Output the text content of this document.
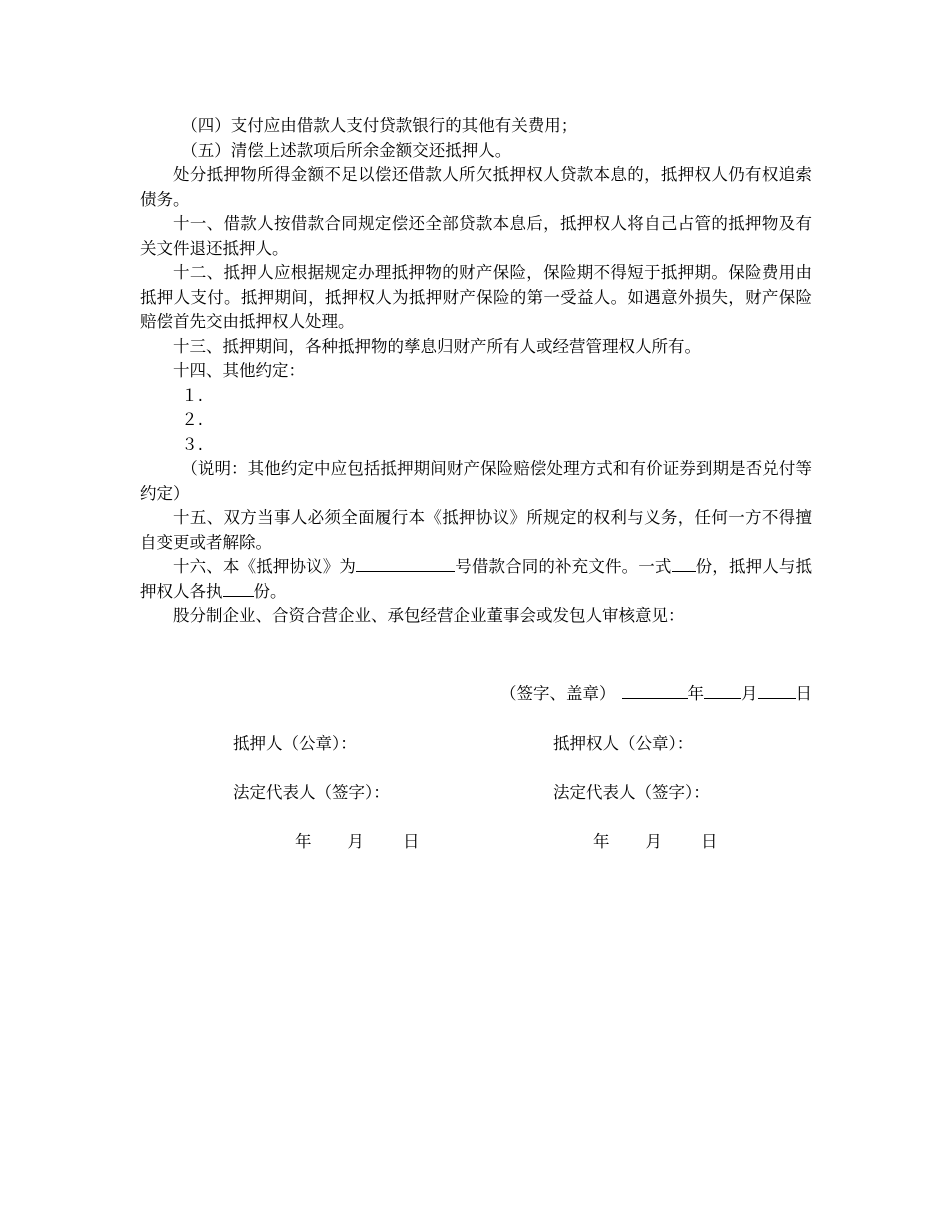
（四）支付应由借款人支付贷款银行的其他有关费用；

（五）清偿上述款项后所余金额交还抵押人。

处分抵押物所得金额不足以偿还借款人所欠抵押权人贷款本息的，抵押权人仍有权追索债务。

十一、借款人按借款合同规定偿还全部贷款本息后，抵押权人将自己占管的抵押物及有关文件退还抵押人。

十二、抵押人应根据规定办理抵押物的财产保险，保险期不得短于抵押期。保险费用由抵押人支付。抵押期间，抵押权人为抵押财产保险的第一受益人。如遇意外损失，财产保险赔偿首先交由抵押权人处理。

十三、抵押期间，各种抵押物的孳息归财产所有人或经营管理权人所有。

十四、其他约定：

１.

２.

３.

（说明：其他约定中应包括抵押期间财产保险赔偿处理方式和有价证券到期是否兑付等约定）

十五、双方当事人必须全面履行本《抵押协议》所规定的权利与义务，任何一方不得擅自变更或者解除。

十六、本《抵押协议》为	号借款合同的补充文件。一式 份，抵押人与抵押权人各执 份。

股分制企业、合资合营企业、承包经营企业董事会或发包人审核意见：

（签字、盖章）	年 月 日
抵押人（公章）：	抵押权人（公章）：
法定代表人（签字）：	法定代表人（签字）：
年 月 日	年 月 日
